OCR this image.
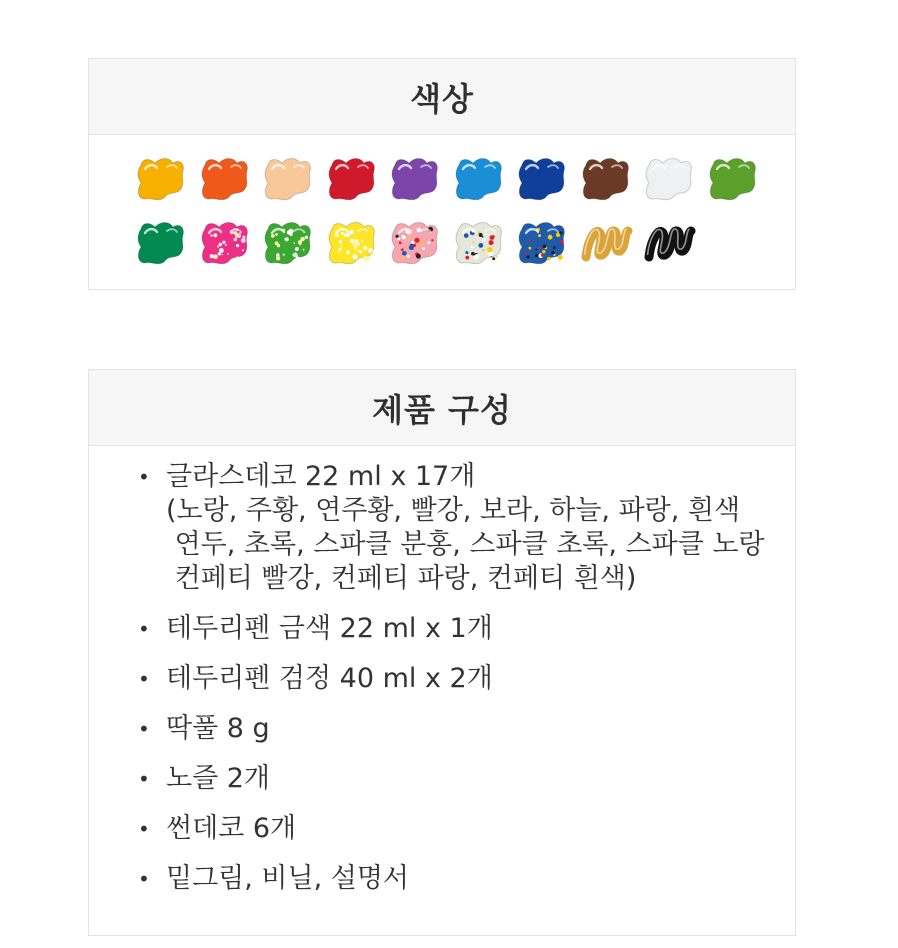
색상
제품 구성
• 글라스데코 22 ml x 17개
(노랑, 주황, 연주황, 빨강, 보라, 하늘, 파랑, 흰색
연두, 초록, 스파클 분홍, 스파클 초록, 스파클 노랑
컨페티 빨강, 컨페티 파랑, 컨페티 흰색)
• 테두리펜 금색 22 ml x 1개
• 테두리펜 검정 40 ml x 2개
• 딱풀 8 g
• 노즐 2개
• 썬데코 6개
• 밑그림, 비닐, 설명서
